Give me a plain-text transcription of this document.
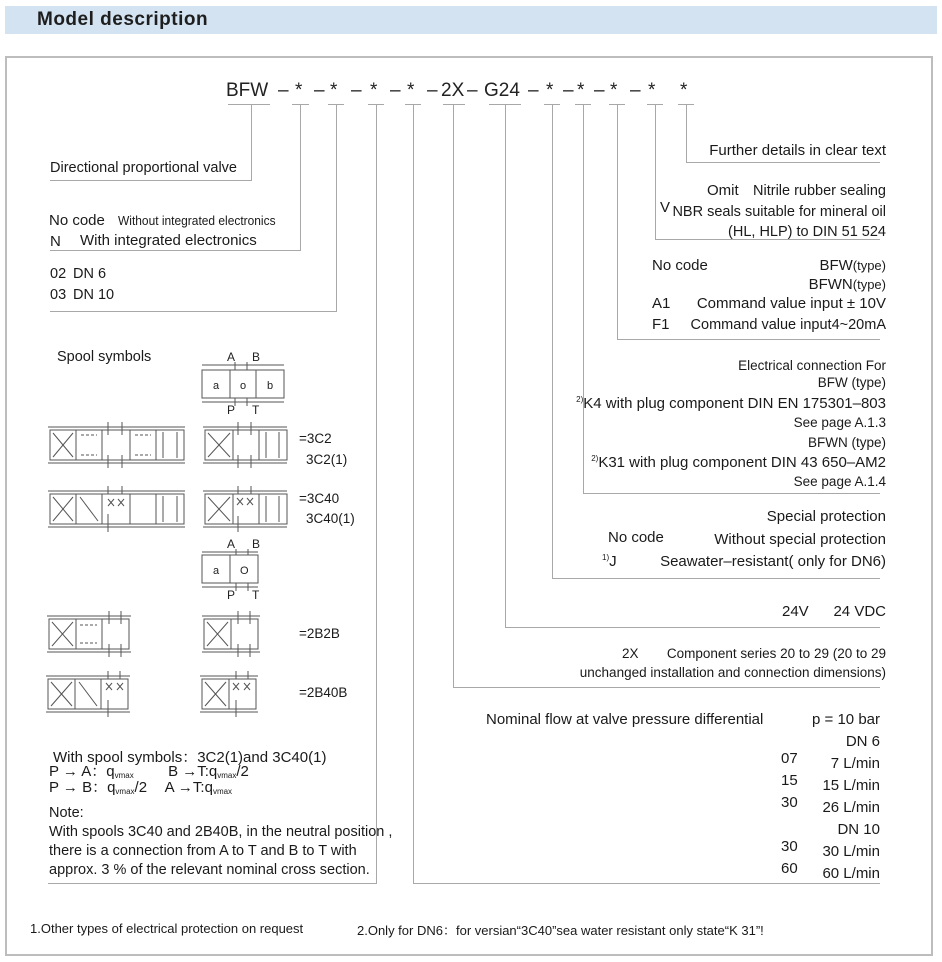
Model description
BFW – * – * – * – * – 2X – G24 – * – * – * – * *
Directional proportional valve
No code Without integrated electronics
N With integrated electronics
02 DN 6
03 DN 10
Spool symbols	A B
a o b
P T
=3C2
3C2(1)
=3C40
3C40(1)
A B
a O
P T
=2B2B
=2B40B
With spool symbols：3C2(1)and 3C40(1)
P → A：$q_{vmax}$ $B \to T:q_{vmax}/2$
P → B：$q_{vmax}/2$ $A \to T:q_{vmax}$
Note:
With spools 3C40 and 2B40B, in the neutral position ,
there is a connection from A to T and B to T with
approx. 3 % of the relevant nominal cross section.
Further details in clear text
Omit Nitrile rubber sealing
V NBR seals suitable for mineral oil
(HL, HLP) to DIN 51 524
No code	BFW(type)
BFWN(type)
A1 Command value input ± 10V
F1 Command value input4~20mA
Electrical connection For
BFW (type)
$^{2)}$K4 with plug component DIN EN 175301–803
See page A.1.3
BFWN (type)
$^{2)}$K31 with plug component DIN 43 650–AM2
See page A.1.4
Special protection
No code	Without special protection
$^{1)}$J	Seawater–resistant( only for DN6)
24V 24 VDC
2X Component series 20 to 29 (20 to 29
unchanged installation and connection dimensions)
Nominal flow at valve pressure differential	p = 10 bar
DN 6
07 7 L/min
15 15 L/min
30 26 L/min
DN 10
30 30 L/min
60 60 L/min
1.Other types of electrical protection on request	2.Only for DN6：for versian“3C40”sea water resistant only state“K 31”!
